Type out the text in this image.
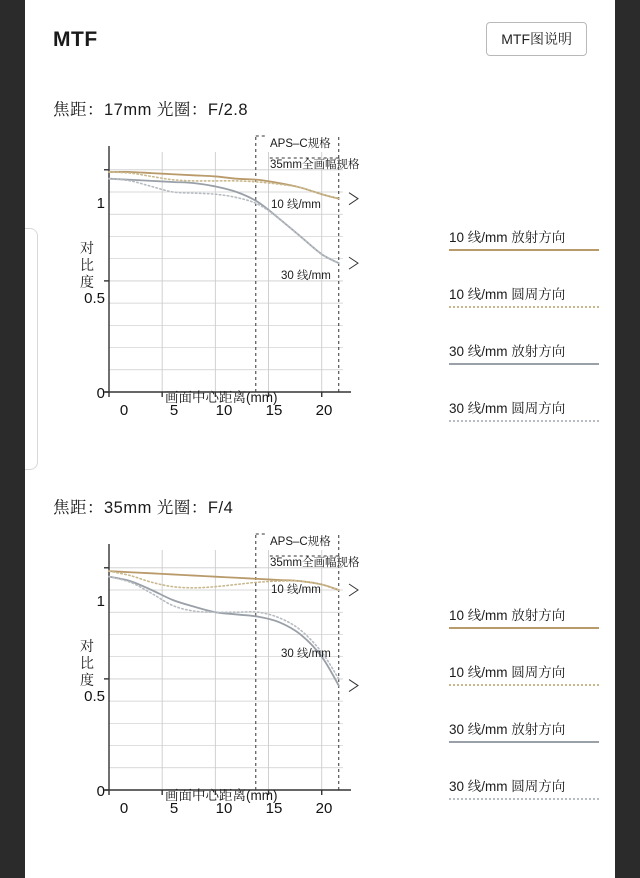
MTF	MTF图说明
焦距：17mm 光圈：F/2.8
对比度
1
0.5
0
0	5	10	15	20
画面中心距离(mm)
APS–C规格
35mm全画幅规格
10 线/mm
30 线/mm
10 线/mm 放射方向
10 线/mm 圆周方向
30 线/mm 放射方向
30 线/mm 圆周方向
焦距：35mm 光圈：F/4
对比度
1
0.5
0
0	5	10	15	20
画面中心距离(mm)
APS–C规格
35mm全画幅规格
10 线/mm
30 线/mm
10 线/mm 放射方向
10 线/mm 圆周方向
30 线/mm 放射方向
30 线/mm 圆周方向
